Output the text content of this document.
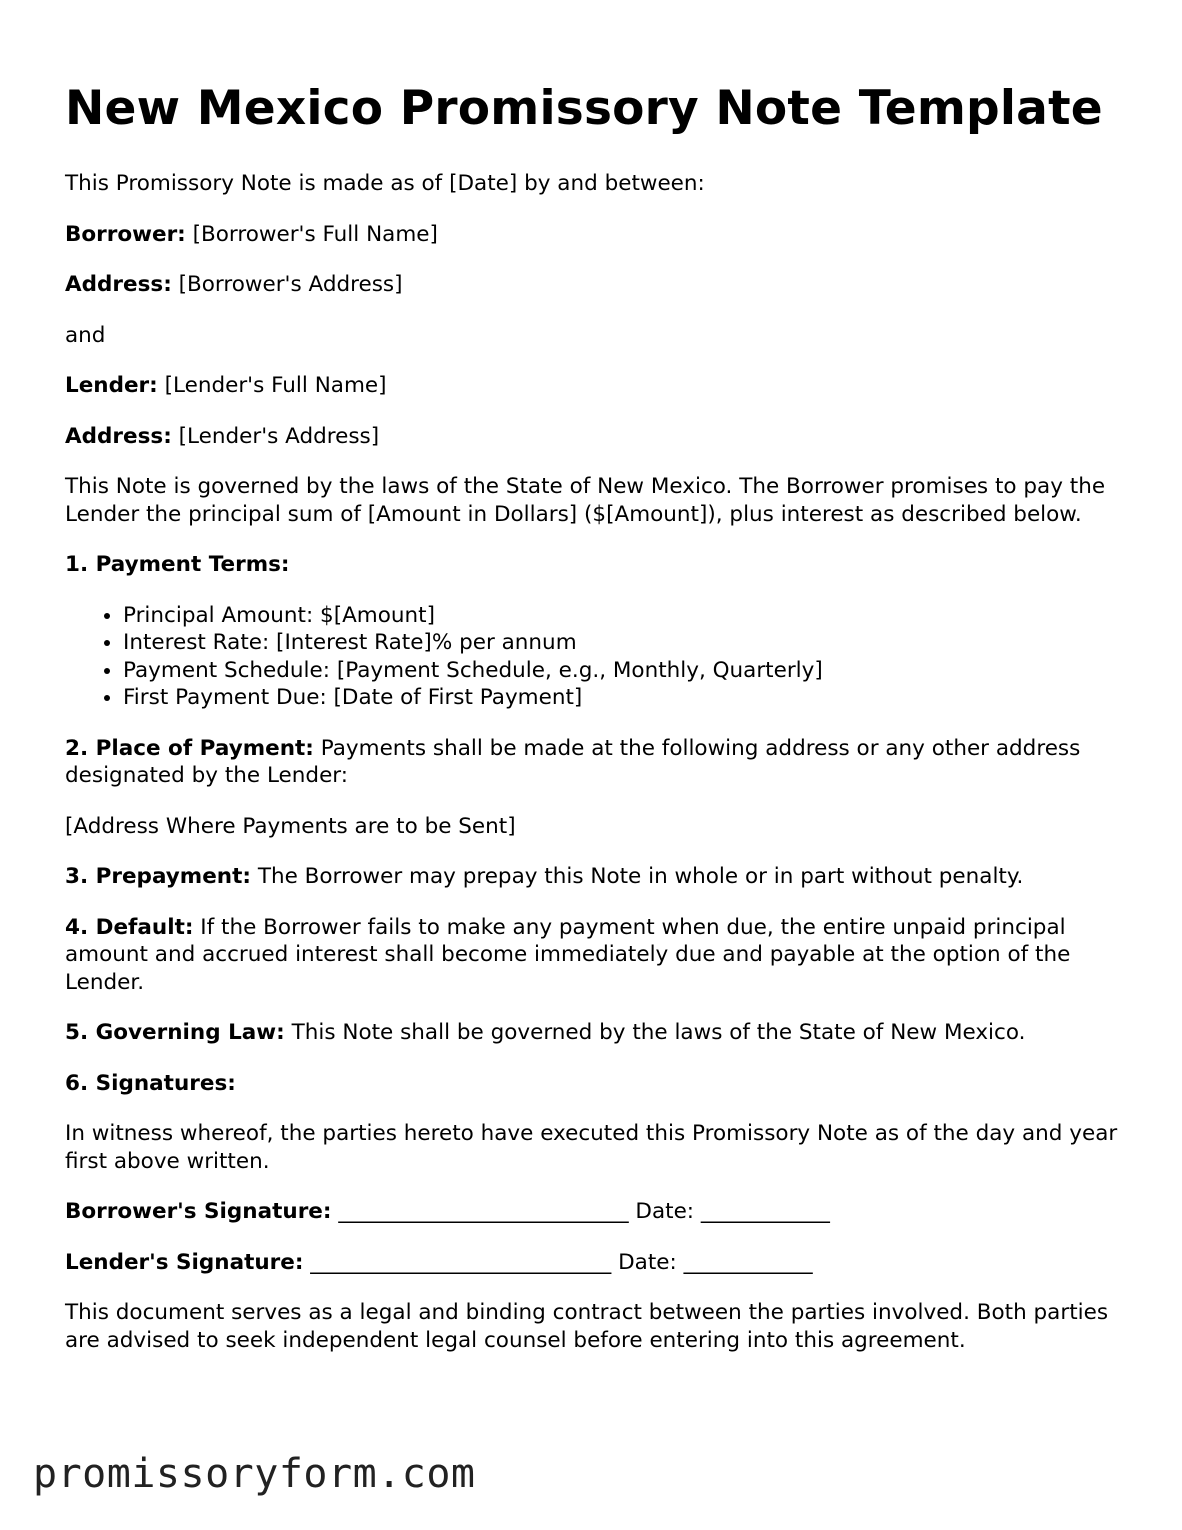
New Mexico Promissory Note Template

This Promissory Note is made as of [Date] by and between:

Borrower: [Borrower's Full Name]

Address: [Borrower's Address]

and

Lender: [Lender's Full Name]

Address: [Lender's Address]

This Note is governed by the laws of the State of New Mexico. The Borrower promises to pay the Lender the principal sum of [Amount in Dollars] ($[Amount]), plus interest as described below.

1. Payment Terms:

• Principal Amount: $[Amount]
• Interest Rate: [Interest Rate]% per annum
• Payment Schedule: [Payment Schedule, e.g., Monthly, Quarterly]
• First Payment Due: [Date of First Payment]

2. Place of Payment: Payments shall be made at the following address or any other address designated by the Lender:

[Address Where Payments are to be Sent]

3. Prepayment: The Borrower may prepay this Note in whole or in part without penalty.

4. Default: If the Borrower fails to make any payment when due, the entire unpaid principal amount and accrued interest shall become immediately due and payable at the option of the Lender.

5. Governing Law: This Note shall be governed by the laws of the State of New Mexico.

6. Signatures:

In witness whereof, the parties hereto have executed this Promissory Note as of the day and year first above written.

Borrower's Signature: ___________________________ Date: ____________

Lender's Signature: ____________________________ Date: ____________

This document serves as a legal and binding contract between the parties involved. Both parties are advised to seek independent legal counsel before entering into this agreement.

promissoryform.com
